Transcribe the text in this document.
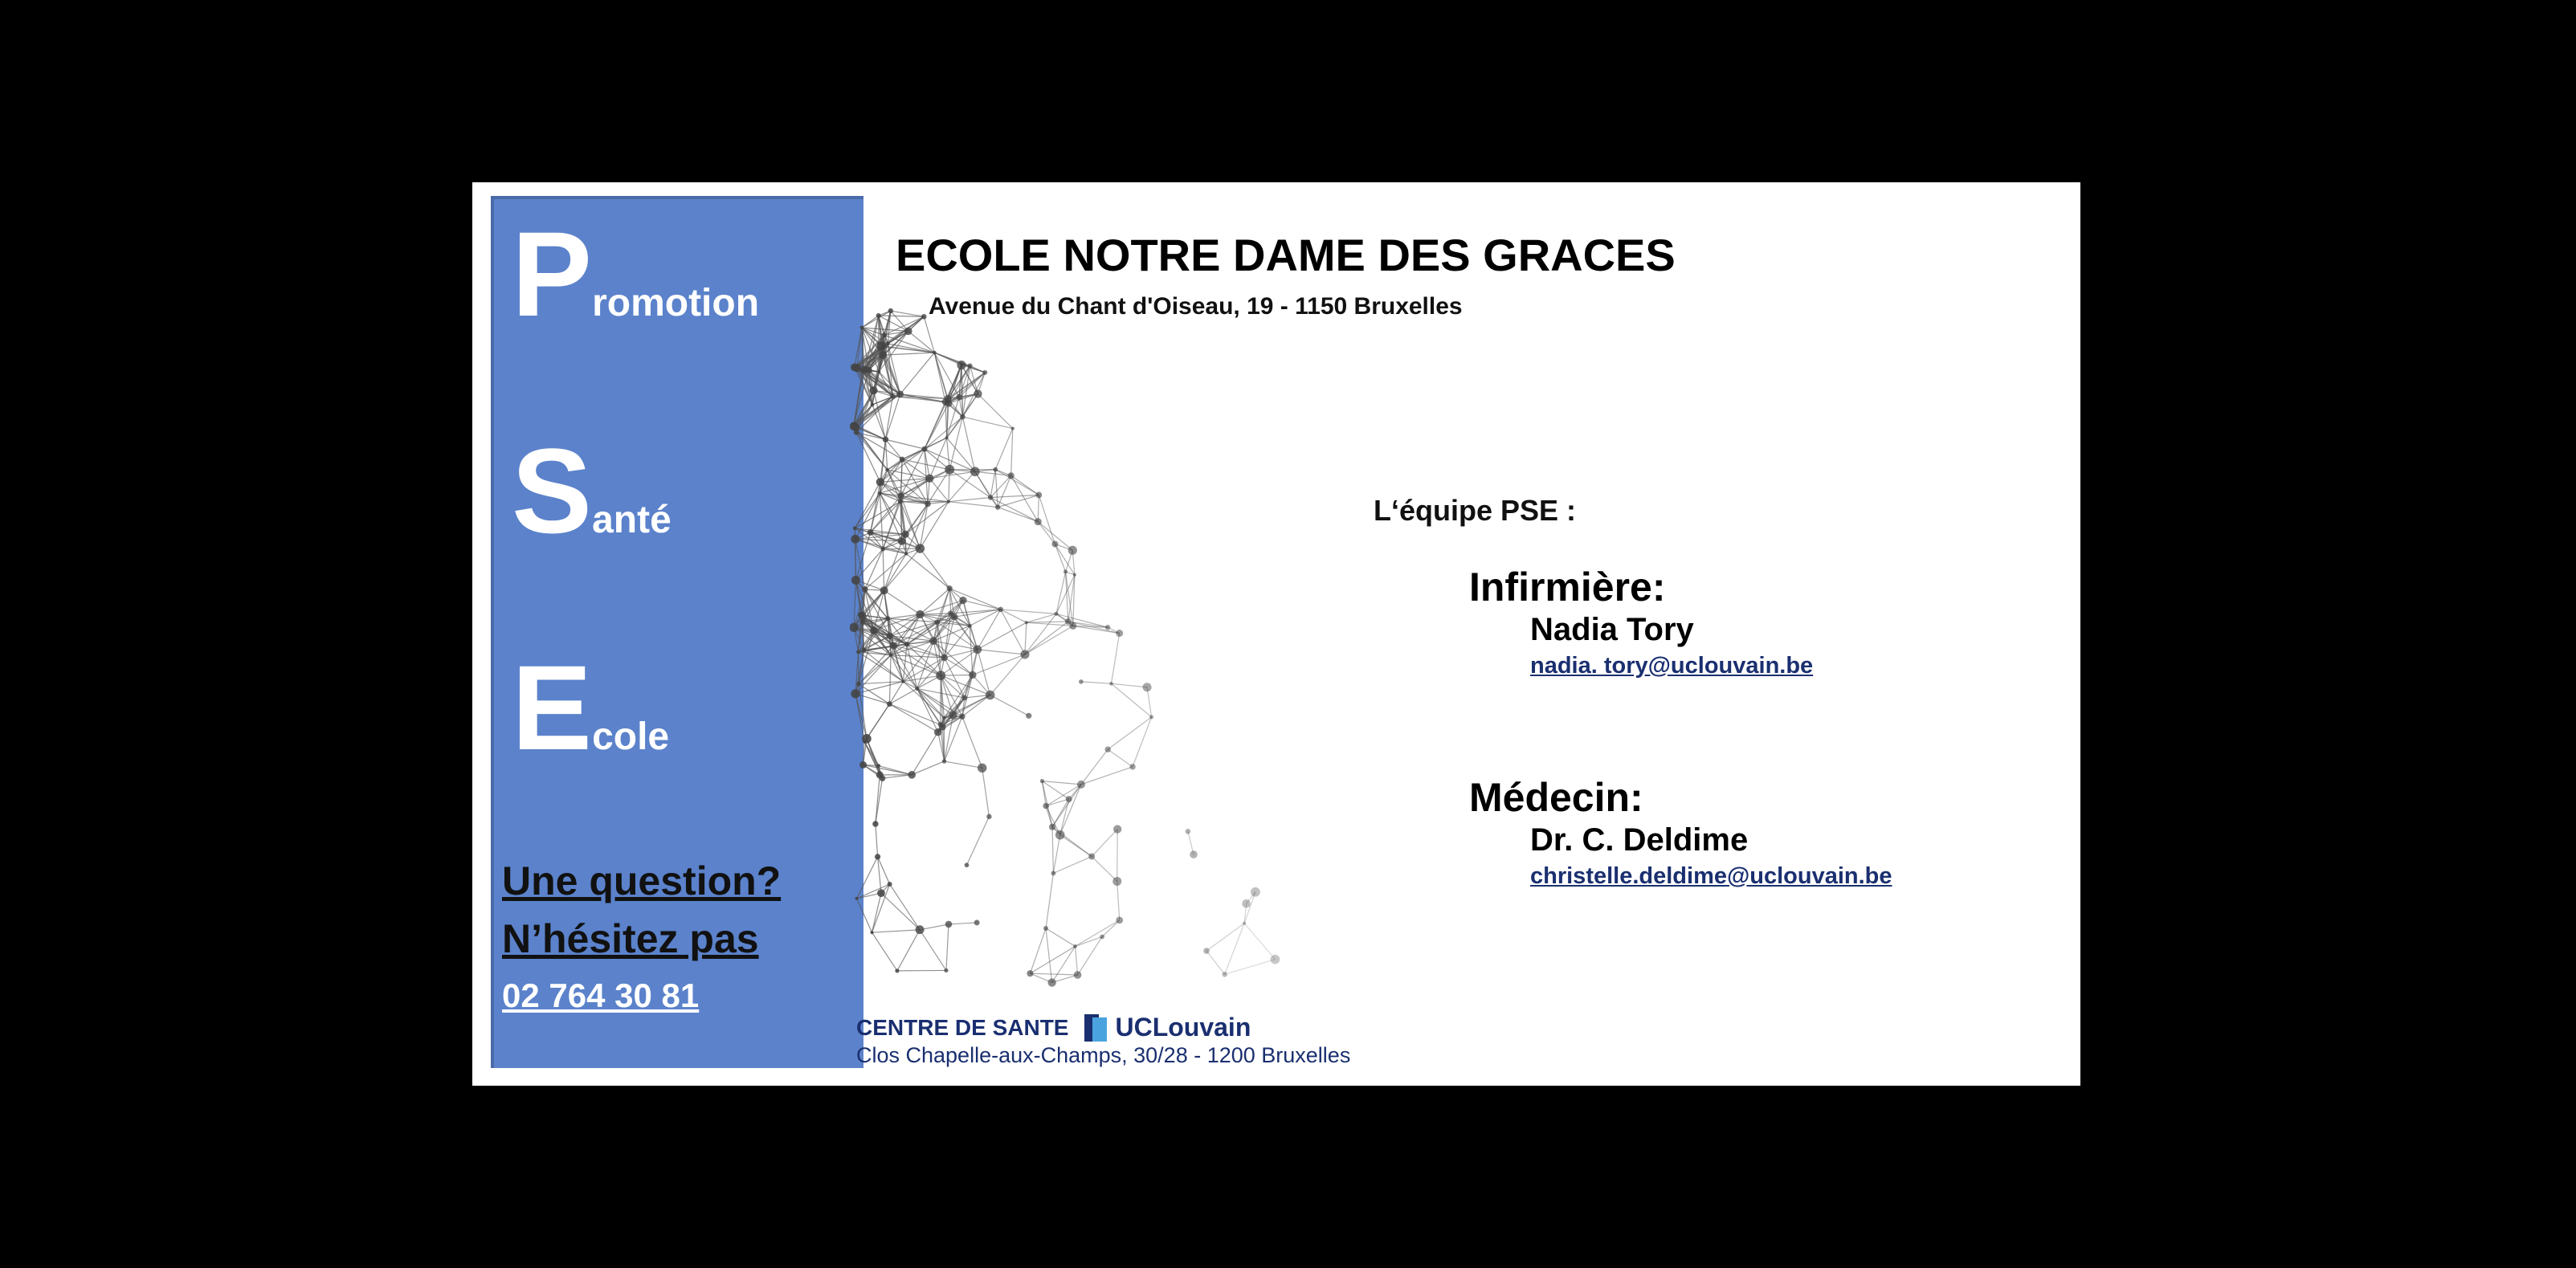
Promotion
Santé
Ecole
Une question?
N’hésitez pas
02 764 30 81
ECOLE NOTRE DAME DES GRACES
Avenue du Chant d'Oiseau, 19 - 1150 Bruxelles
L‘équipe PSE :
Infirmière:
Nadia Tory
nadia. tory@uclouvain.be
Médecin:
Dr. C. Deldime
christelle.deldime@uclouvain.be
CENTRE DE SANTE UCLouvain
Clos Chapelle-aux-Champs, 30/28 - 1200 Bruxelles
